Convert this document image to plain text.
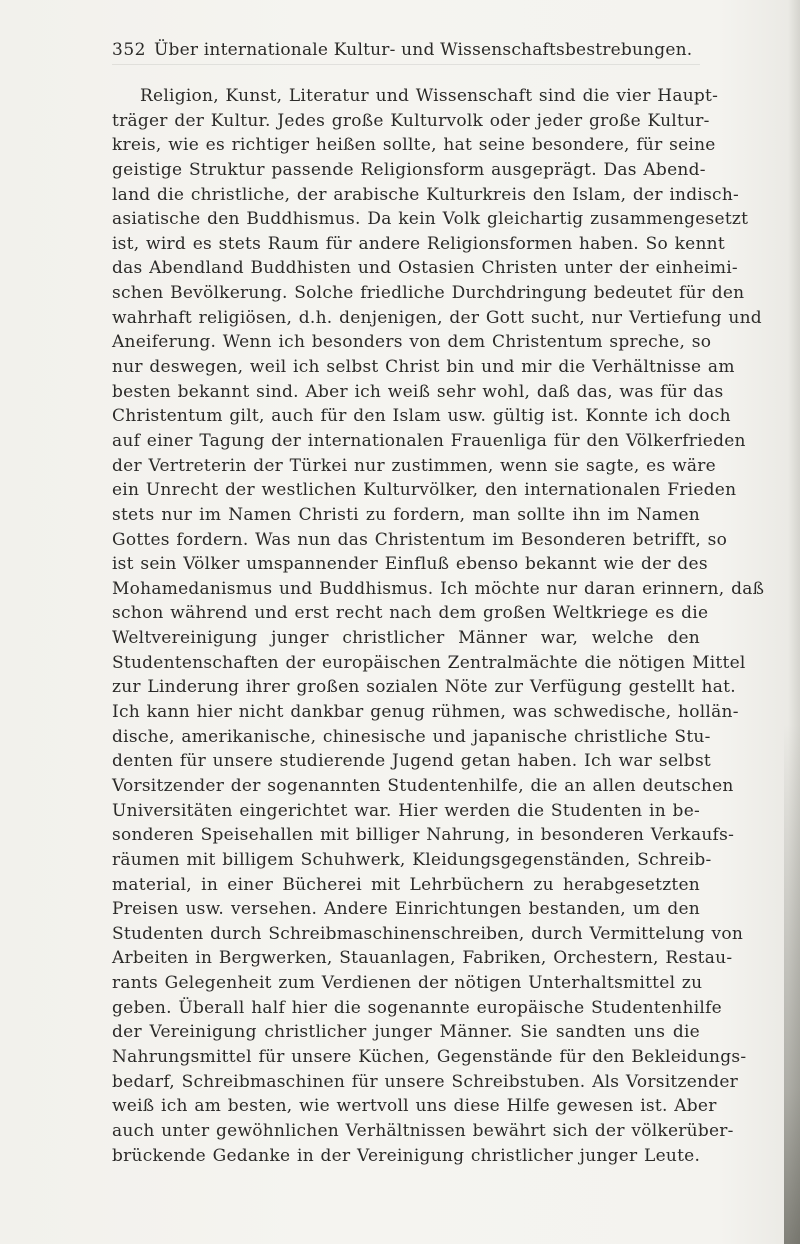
352 Über internationale Kultur- und Wissenschaftsbestrebungen.
Religion, Kunst, Literatur und Wissenschaft sind die vier Haupt-
träger der Kultur. Jedes große Kulturvolk oder jeder große Kultur-
kreis, wie es richtiger heißen sollte, hat seine besondere, für seine
geistige Struktur passende Religionsform ausgeprägt. Das Abend-
land die christliche, der arabische Kulturkreis den Islam, der indisch-
asiatische den Buddhismus. Da kein Volk gleichartig zusammengesetzt
ist, wird es stets Raum für andere Religionsformen haben. So kennt
das Abendland Buddhisten und Ostasien Christen unter der einheimi-
schen Bevölkerung. Solche friedliche Durchdringung bedeutet für den
wahrhaft religiösen, d.h. denjenigen, der Gott sucht, nur Vertiefung und
Aneiferung. Wenn ich besonders von dem Christentum spreche, so
nur deswegen, weil ich selbst Christ bin und mir die Verhältnisse am
besten bekannt sind. Aber ich weiß sehr wohl, daß das, was für das
Christentum gilt, auch für den Islam usw. gültig ist. Konnte ich doch
auf einer Tagung der internationalen Frauenliga für den Völkerfrieden
der Vertreterin der Türkei nur zustimmen, wenn sie sagte, es wäre
ein Unrecht der westlichen Kulturvölker, den internationalen Frieden
stets nur im Namen Christi zu fordern, man sollte ihn im Namen
Gottes fordern. Was nun das Christentum im Besonderen betrifft, so
ist sein Völker umspannender Einfluß ebenso bekannt wie der des
Mohamedanismus und Buddhismus. Ich möchte nur daran erinnern, daß
schon während und erst recht nach dem großen Weltkriege es die
Weltvereinigung junger christlicher Männer war, welche den
Studentenschaften der europäischen Zentralmächte die nötigen Mittel
zur Linderung ihrer großen sozialen Nöte zur Verfügung gestellt hat.
Ich kann hier nicht dankbar genug rühmen, was schwedische, hollän-
dische, amerikanische, chinesische und japanische christliche Stu-
denten für unsere studierende Jugend getan haben. Ich war selbst
Vorsitzender der sogenannten Studentenhilfe, die an allen deutschen
Universitäten eingerichtet war. Hier werden die Studenten in be-
sonderen Speisehallen mit billiger Nahrung, in besonderen Verkaufs-
räumen mit billigem Schuhwerk, Kleidungsgegenständen, Schreib-
material, in einer Bücherei mit Lehrbüchern zu herabgesetzten
Preisen usw. versehen. Andere Einrichtungen bestanden, um den
Studenten durch Schreibmaschinenschreiben, durch Vermittelung von
Arbeiten in Bergwerken, Stauanlagen, Fabriken, Orchestern, Restau-
rants Gelegenheit zum Verdienen der nötigen Unterhaltsmittel zu
geben. Überall half hier die sogenannte europäische Studentenhilfe
der Vereinigung christlicher junger Männer. Sie sandten uns die
Nahrungsmittel für unsere Küchen, Gegenstände für den Bekleidungs-
bedarf, Schreibmaschinen für unsere Schreibstuben. Als Vorsitzender
weiß ich am besten, wie wertvoll uns diese Hilfe gewesen ist. Aber
auch unter gewöhnlichen Verhältnissen bewährt sich der völkerüber-
brückende Gedanke in der Vereinigung christlicher junger Leute.
